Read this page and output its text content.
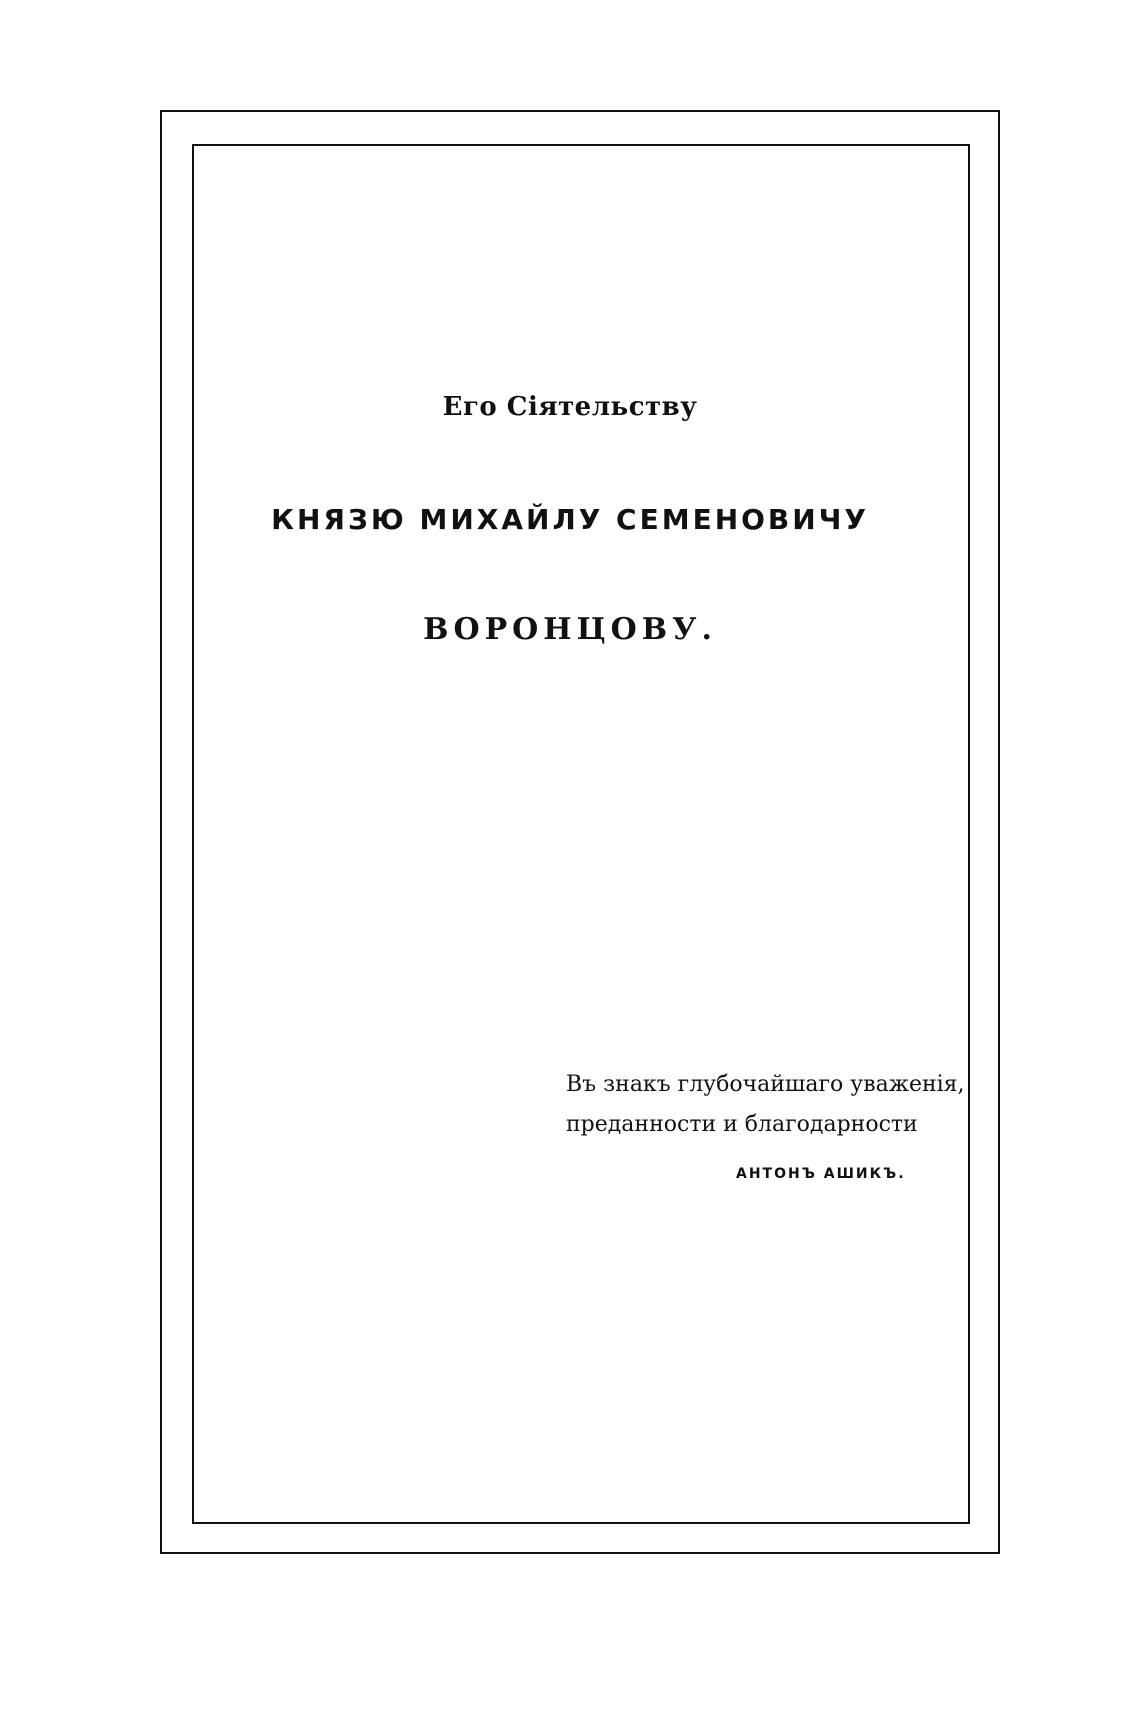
Его Сіятельству
КНЯЗЮ МИХАЙЛУ СЕМЕНОВИЧУ
ВОРОНЦОВУ.
Въ знакъ глубочайшаго уваженія,
преданности и благодарности
АНТОНЪ АШИКЪ.
